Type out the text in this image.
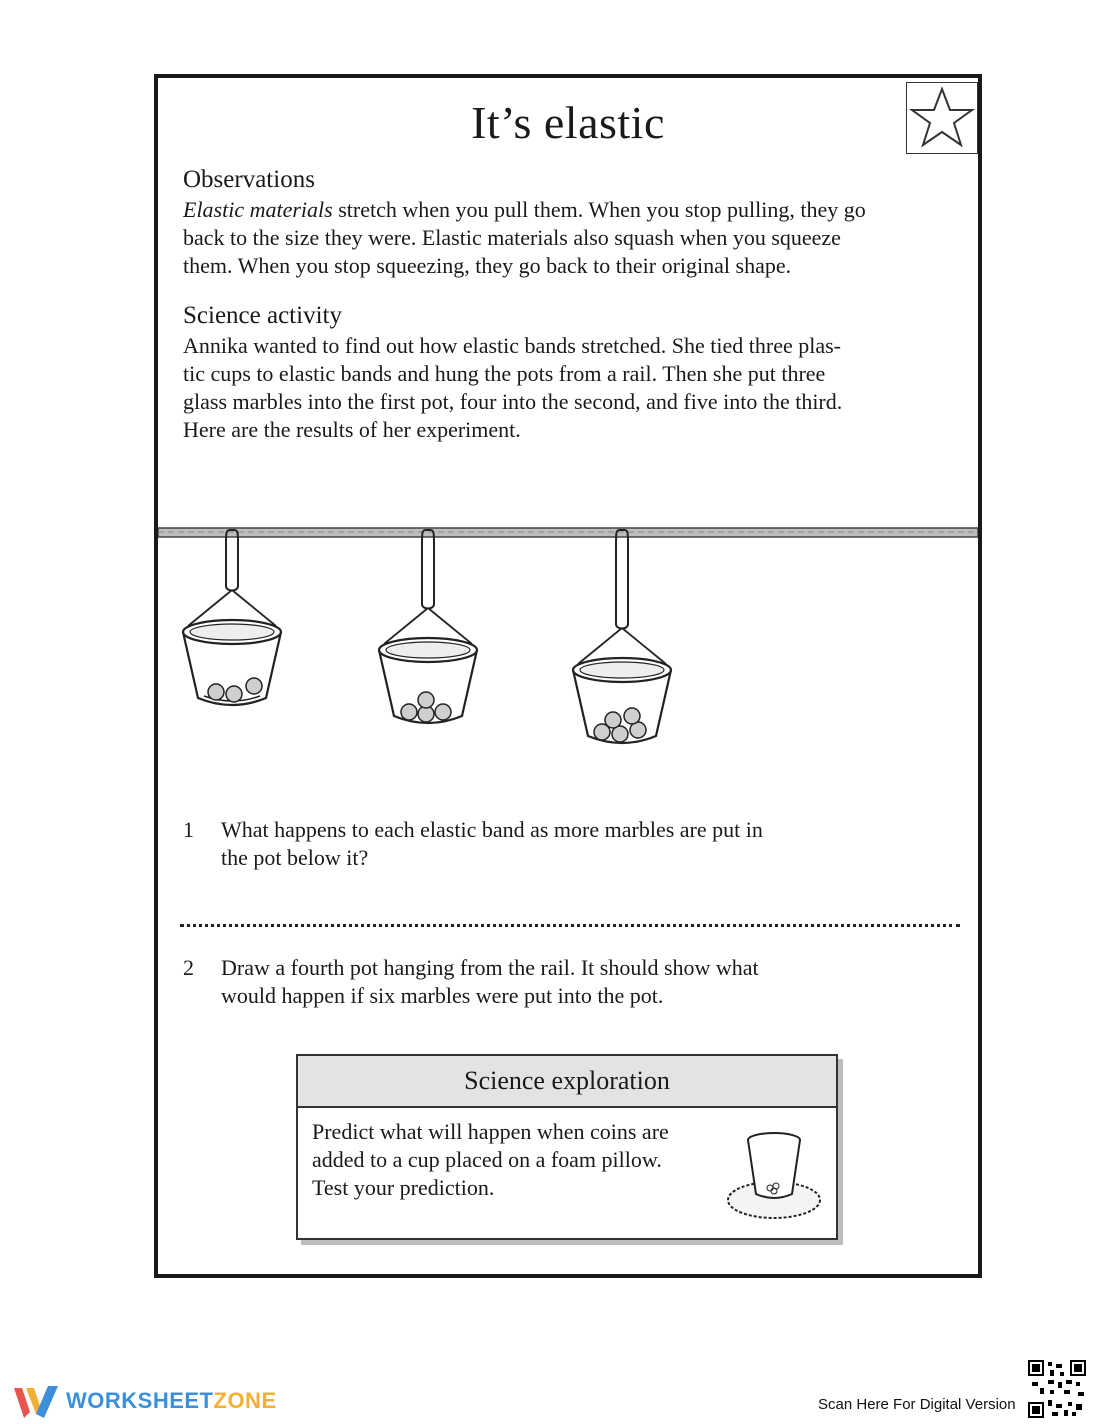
It’s elastic
Observations
Elastic materials stretch when you pull them. When you stop pulling, they go
back to the size they were. Elastic materials also squash when you squeeze
them. When you stop squeezing, they go back to their original shape.
Science activity
Annika wanted to find out how elastic bands stretched. She tied three plas-
tic cups to elastic bands and hung the pots from a rail. Then she put three
glass marbles into the first pot, four into the second, and five into the third.
Here are the results of her experiment.
1 What happens to each elastic band as more marbles are put in
the pot below it?
2 Draw a fourth pot hanging from the rail. It should show what
would happen if six marbles were put into the pot.
Science exploration
Predict what will happen when coins are
added to a cup placed on a foam pillow.
Test your prediction.
WORKSHEETZONE	Scan Here For Digital Version
